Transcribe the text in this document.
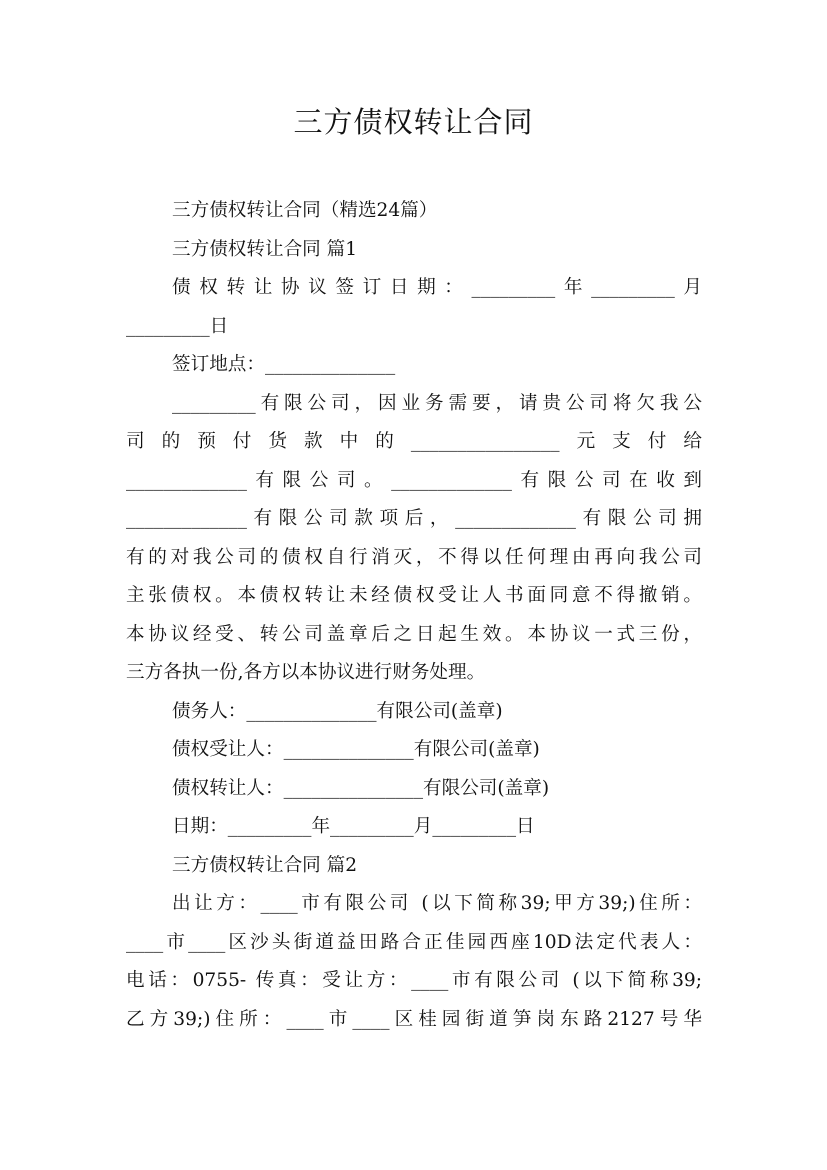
三方债权转让合同
三方债权转让合同（精选24篇）
三方债权转让合同 篇1
债权转让协议签订日期：_________年_________月
_________日
签订地点：______________
_________有限公司，因业务需要，请贵公司将欠我公
司的预付货款中的________________元支付给
_____________有限公司。_____________有限公司在收到
_____________有限公司款项后，_____________有限公司拥
有的对我公司的债权自行消灭，不得以任何理由再向我公司
主张债权。本债权转让未经债权受让人书面同意不得撤销。
本协议经受、转公司盖章后之日起生效。本协议一式三份，
三方各执一份,各方以本协议进行财务处理。
债务人：______________有限公司(盖章)
债权受让人：______________有限公司(盖章)
债权转让人：_______________有限公司(盖章)
日期：_________年_________月_________日
三方债权转让合同 篇2
出让方：____市有限公司 (以下简称39;甲方39;)住所：
____市____区沙头街道益田路合正佳园西座10D法定代表人：
电话：0755- 传真：受让方：____市有限公司 (以下简称39;
乙方39;)住所：____市____区桂园街道笋岗东路2127号华
